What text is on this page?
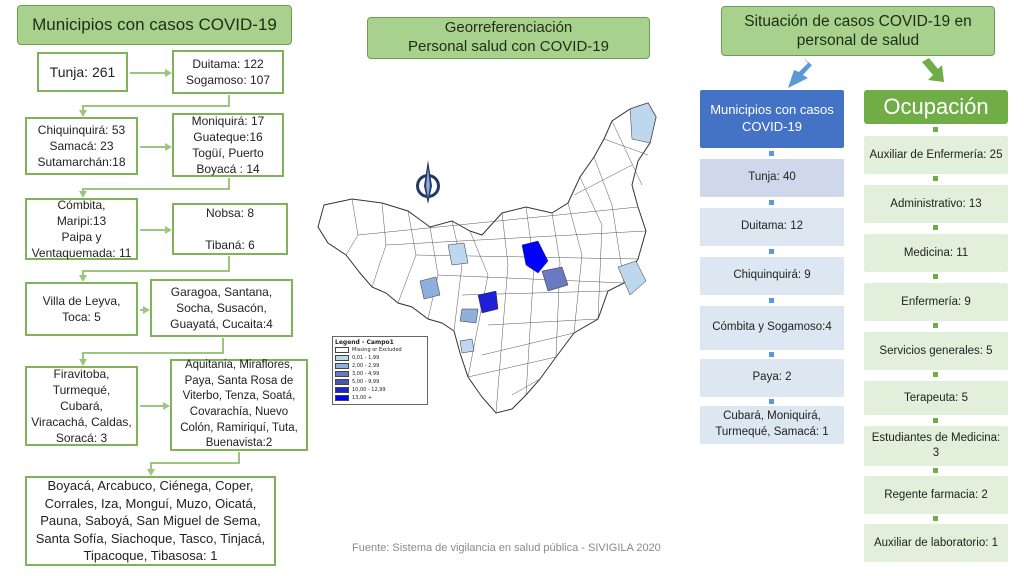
Municipios con casos COVID-19
Tunja: 261	Duitama: 122
Sogamoso: 107
Chiquinquirá: 53
Samacá: 23
Sutamarchán:18
Moniquirá: 17
Guateque:16
Togüí, Puerto
Boyacá : 14
Cómbita,
Maripi:13
Paipa y
Ventaquemada: 11
Nobsa: 8

Tibaná: 6
Villa de Leyva,
Toca: 5
Garagoa, Santana,
Socha, Susacón,
Guayatá, Cucaita:4
Firavitoba,
Turmequé, Cubará,
Viracachá, Caldas,
Soracá: 3
Aquitania, Miraflores,
Paya, Santa Rosa de
Viterbo, Tenza, Soatá,
Covarachía, Nuevo
Colón, Ramiriquí, Tuta,
Buenavista:2
Boyacá, Arcabuco, Ciénega, Coper,
Corrales, Iza, Monguí, Muzo, Oicatá,
Pauna, Saboyá, San Miguel de Sema,
Santa Sofía, Siachoque, Tasco, Tinjacá,
Tipacoque, Tibasosa: 1
Georreferenciación
Personal salud con COVID-19
Legend - Campo1
Missing or Excluded
0,01 - 1,99
2,00 - 2,99
3,00 - 4,99
5,00 - 9,99
10,00 - 12,99
13,00 +
Fuente: Sistema de vigilancia en salud pública - SIVIGILA 2020
Situación de casos COVID-19 en
personal de salud
Municipios con casos
COVID-19
Tunja: 40
Duitama: 12
Chiquinquirá: 9
Cómbita y Sogamoso:4
Paya: 2
Cubará, Moniquirá,
Turmequé, Samacá: 1
Ocupación
Auxiliar de Enfermería: 25
Administrativo: 13
Medicina: 11
Enfermería: 9
Servicios generales: 5
Terapeuta: 5
Estudiantes de Medicina:
3
Regente farmacia: 2
Auxiliar de laboratorio: 1
